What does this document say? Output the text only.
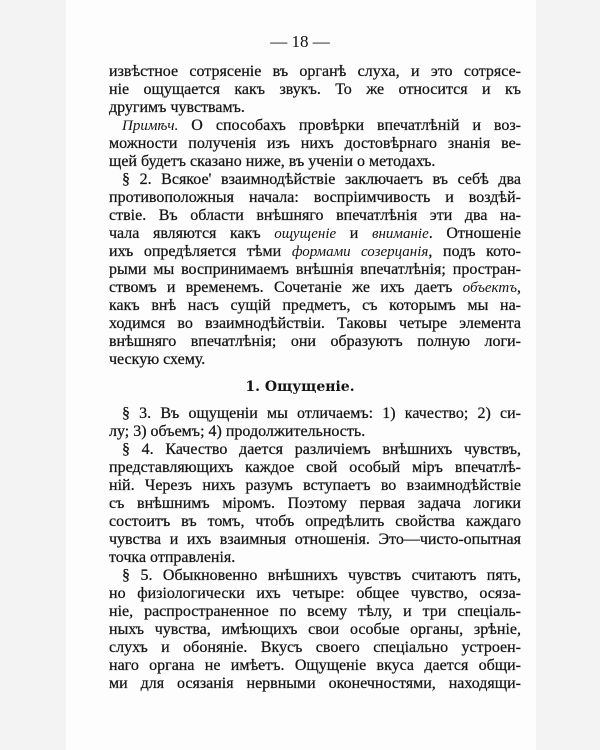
— 18 —
1. Ощущеніе.
извѣстное сотрясеніе въ органѣ слуха, и это сотрясе-
ніе ощущается какъ звукъ. То же относится и къ
другимъ чувствамъ.
Примѣч. О способахъ провѣрки впечатлѣній и воз-
можности полученія изъ нихъ достовѣрнаго знанія ве-
щей будетъ сказано ниже, въ ученіи о методахъ.
§ 2. Всякое' взаимнодѣйствіе заключаетъ въ себѣ два
противоположныя начала: воспріимчивость и воздѣй-
ствіе. Въ области внѣшняго впечатлѣнія эти два на-
чала являются какъ ощущеніе и вниманіе. Отношеніе
ихъ опредѣляется тѣми формами созерцанія, подъ кото-
рыми мы воспринимаемъ внѣшнія впечатлѣнія; простран-
ствомъ и временемъ. Сочетаніе же ихъ даетъ объектъ,
какъ внѣ насъ сущій предметъ, съ которымъ мы на-
ходимся во взаимнодѣйствіи. Таковы четыре элемента
внѣшняго впечатлѣнія; они образуютъ полную логи-
ческую схему.
§ 3. Въ ощущеніи мы отличаемъ: 1) качество; 2) си-
лу; 3) объемъ; 4) продолжительность.
§ 4. Качество дается различіемъ внѣшнихъ чувствъ,
представляющихъ каждое свой особый міръ впечатлѣ-
ній. Черезъ нихъ разумъ вступаетъ во взаимнодѣйствіе
съ внѣшнимъ міромъ. Поэтому первая задача логики
состоитъ въ томъ, чтобъ опредѣлить свойства каждаго
чувства и ихъ взаимныя отношенія. Это—чисто-опытная
точка отправленія.
§ 5. Обыкновенно внѣшнихъ чувствъ считаютъ пять,
но физіологически ихъ четыре: общее чувство, осяза-
ніе, распространенное по всему тѣлу, и три спеціаль-
ныхъ чувства, имѣющихъ свои особые органы, зрѣніе,
слухъ и обоняніе. Вкусъ своего спеціально устроен-
наго органа не имѣетъ. Ощущеніе вкуса дается общи-
ми для осязанія нервными оконечностями, находящи-
